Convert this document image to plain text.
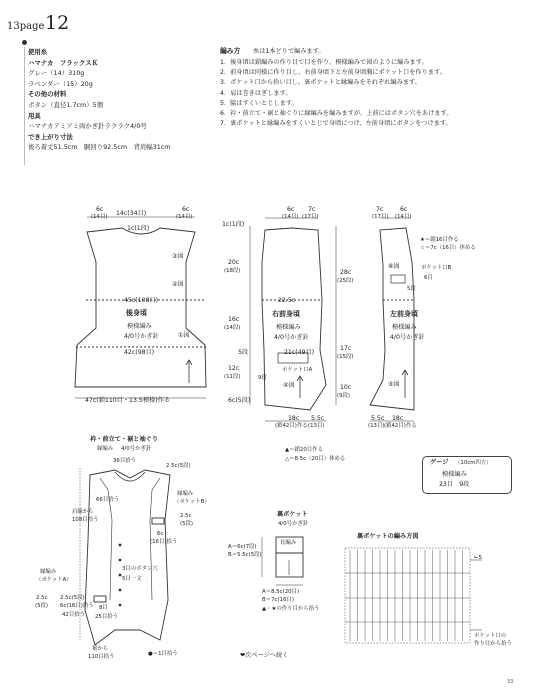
13page 12
使用糸
ハマナカ　フラックスＫ
グレー（14）310g
ラベンダー（15）20g
その他の材料
ボタン（直径1.7cm）5個
用具
ハマナカアミアミ両かぎ針ラクラク4/0号
でき上がり寸法
後ろ着丈51.5cm　胴回り92.5cm　背肩幅31cm
編み方 糸は1本どりで編みます。
1．後身頃は鎖編みの作り目で目を作り、模様編みで図のように編みます。
2．前身頃は同様に作り目し、右前身頃下と左前身頃胸にポケット口を作ります。
3．ポケット口から拾い目し、裏ポケットと縁編みをそれぞれ編みます。
4．肩は巻きはぎします。
5．脇はすくいとじします。
6．衿・前立て・裾と袖ぐりに縁編みを編みますが、上前にはボタン穴をあけます。
7．裏ポケットと縁編みをすくいとじで身頃につけ、左前身頃にボタンをつけます。
6c
(14目) 14c(34目)
6c
(14目)
1c(1段)
③図
②図
45c(108目)
後身頃
模様編み
4/0号かぎ針	①図
42c(98目)
47c(鎖110目・13.5模様)作る
6c
(14目)
7c
(17目)
1c(1段)
20c
(18段)
16c
(14段)
5段
12c
(11段)
6c(5段)
22.5c
右前身頃
模様編み
4/0号かぎ針
21c(49目)
ポケット口A
9段
④図
18c
(鎖42目)作る
5.5c
(13目)
28c
(25段)
17c
(15段)
10c
(9段)
7c
(17目)
6c
(14目)
★＝鎖16目作る
☆＝7c（16目）休める
⑥図	ポケット口B
6目
5段
左前身頃
模様編み
4/0号かぎ針
⑤図
5.5c
(13目)
18c
(鎖42目)作る
▲＝鎖20目作る
△＝8.5c（20目）休める	ゲージ （10cm四方）
模様編み
23目　9段
衿・前立て・裾と袖ぐり
縁編み 4/0号かぎ針
36目拾う
2.5c(5段)
肩線から
108目拾う
66目拾う
縁編み
（ポケットB）
2.5c
(5段)
6c
(16目)拾う
3目のボタン穴
5目一文
縁編み
（ポケットA）
2.5c
(5段)
2.5c(5段)
6c(16目)拾う
42目拾う 25目拾う
8目
裾から
110目拾う	●＝1目拾う	❤次ページへ続く
裏ポケット
4/0号かぎ針
長編み
A＝6c(7段)
B＝5.5c(5段)
A＝8.5c(20目)
B＝7c(16目)
▲・★の作り目から拾う
裏ポケットの編み方図
←5
ポケット口の
作り目から拾う
33
